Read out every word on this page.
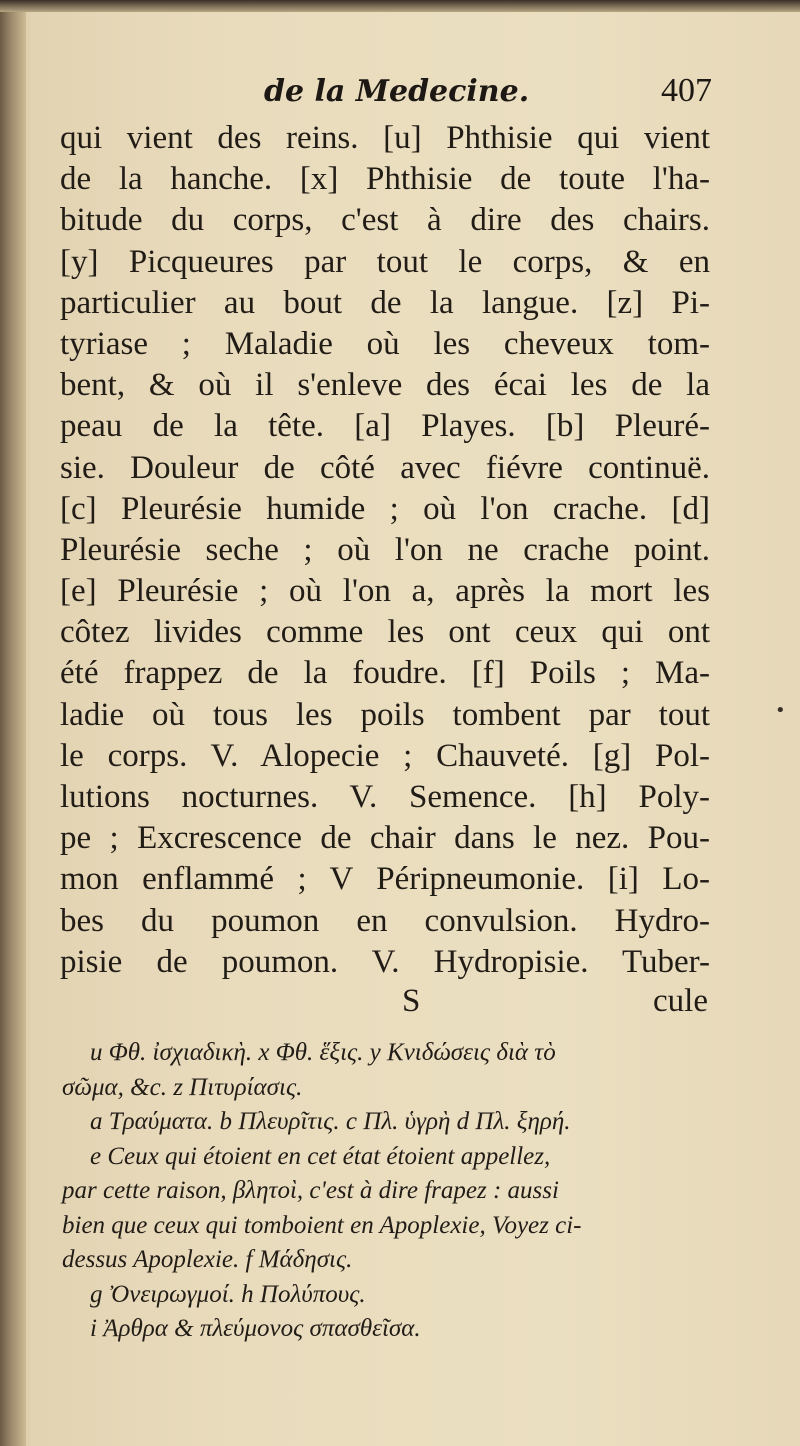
de la Medecine.	407
qui vient des reins. [u] Phthisie qui vient
de la hanche. [x] Phthisie de toute l'ha-
bitude du corps, c'est à dire des chairs.
[y] Picqueures par tout le corps, & en
particulier au bout de la langue. [z] Pi-
tyriase ; Maladie où les cheveux tom-
bent, & où il s'enleve des écai les de la
peau de la tête. [a] Playes. [b] Pleuré-
sie. Douleur de côté avec fiévre continuë.
[c] Pleurésie humide ; où l'on crache. [d]
Pleurésie seche ; où l'on ne crache point.
[e] Pleurésie ; où l'on a, après la mort les
côtez livides comme les ont ceux qui ont
été frappez de la foudre. [f] Poils ; Ma-
ladie où tous les poils tombent par tout
le corps. V. Alopecie ; Chauveté. [g] Pol-
lutions nocturnes. V. Semence. [h] Poly-
pe ; Excrescence de chair dans le nez. Pou-
mon enflammé ; V Péripneumonie. [i] Lo-
bes du poumon en convulsion. Hydro-
pisie de poumon. V. Hydropisie. Tuber-
S	cule
u Φθ. ἰσχιαδικὴ. x Φθ. ἕξις. y Κνιδώσεις διὰ τὸ
σῶμα, &c. z Πιτυρίασις.
a Τραύματα. b Πλευρῖτις. c Πλ. ὑγρὴ d Πλ. ξηρή.
e Ceux qui étoient en cet état étoient appellez,
par cette raison, βλητοὶ, c'est à dire frapez : aussi
bien que ceux qui tomboient en Apoplexie, Voyez ci-
dessus Apoplexie. f Μάδησις.
g Ὀνειρωγμοί. h Πολύπους.
i Ἀρθρα & πλεύμονος σπασθεῖσα.
•
